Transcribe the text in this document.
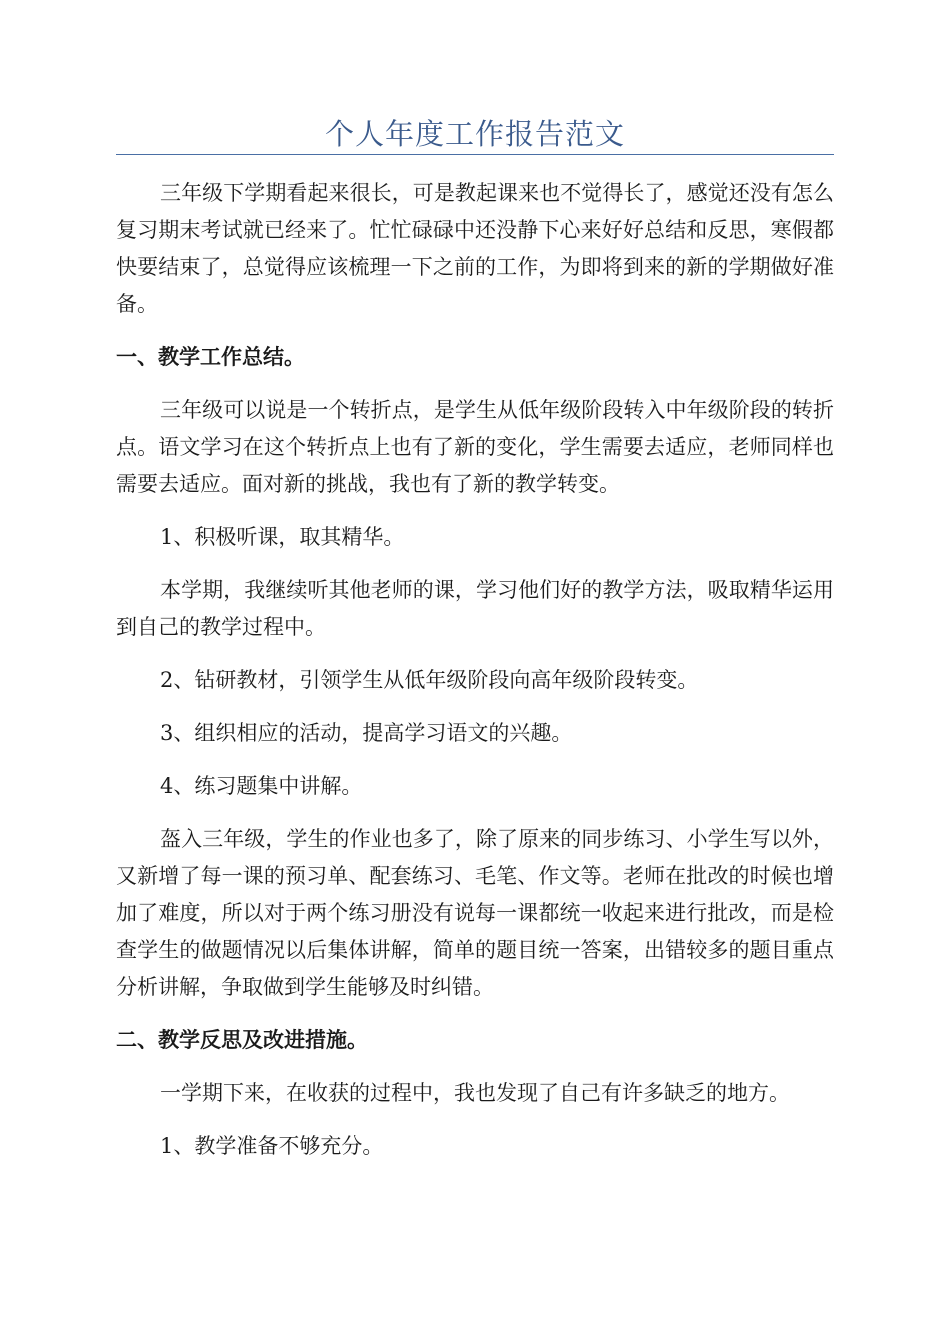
个人年度工作报告范文

三年级下学期看起来很长，可是教起课来也不觉得长了，感觉还没有怎么复习期末考试就已经来了。忙忙碌碌中还没静下心来好好总结和反思，寒假都快要结束了，总觉得应该梳理一下之前的工作，为即将到来的新的学期做好准备。

一、教学工作总结。

三年级可以说是一个转折点，是学生从低年级阶段转入中年级阶段的转折点。语文学习在这个转折点上也有了新的变化，学生需要去适应，老师同样也需要去适应。面对新的挑战，我也有了新的教学转变。

1、积极听课，取其精华。

本学期，我继续听其他老师的课，学习他们好的教学方法，吸取精华运用到自己的教学过程中。

2、钻研教材，引领学生从低年级阶段向高年级阶段转变。

3、组织相应的活动，提高学习语文的兴趣。

4、练习题集中讲解。

盔入三年级，学生的作业也多了，除了原来的同步练习、小学生写以外，又新增了每一课的预习单、配套练习、毛笔、作文等。老师在批改的时候也增加了难度，所以对于两个练习册没有说每一课都统一收起来进行批改，而是检查学生的做题情况以后集体讲解，简单的题目统一答案，出错较多的题目重点分析讲解，争取做到学生能够及时纠错。

二、教学反思及改进措施。

一学期下来，在收获的过程中，我也发现了自己有许多缺乏的地方。

1、教学准备不够充分。
